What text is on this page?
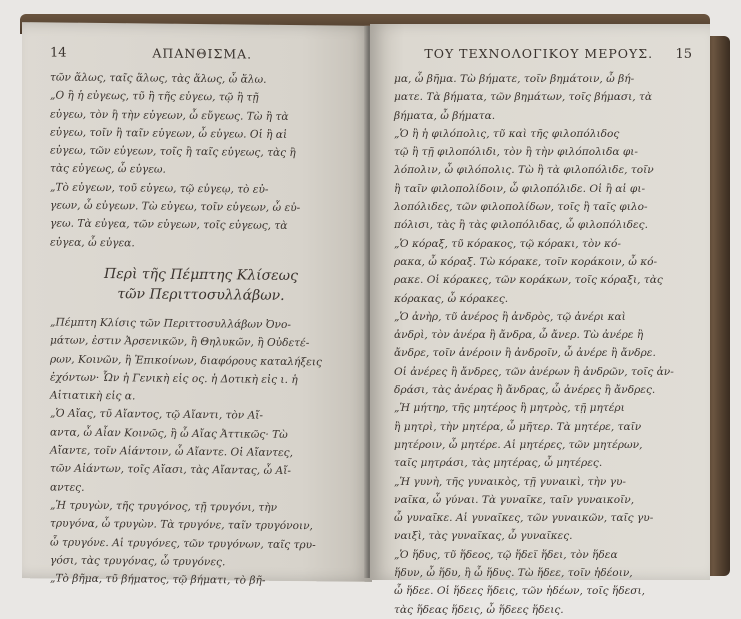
14	ΑΠΑΝΘΙΣΜΑ.

τῶν ἅλως, ταῖς ἅλως, τὰς ἅλως, ὦ ἅλω.

„Ο ἢ ἡ εὐγεως, τῦ ἢ τῆς εὐγεω, τῷ ἢ τῇ

εὐγεω, τὸν ἢ τὴν εὐγεων, ὦ εὔγεως. Τὼ ἢ τὰ

εὐγεω, τοῖν ἢ ταῖν εὐγεων, ὦ εὐγεω. Οἱ ἢ αἱ

εὐγεω, τῶν εὐγεων, τοῖς ἢ ταῖς εὐγεως, τὰς ἢ

τὰς εὐγεως, ὦ εὐγεω.

„Τὸ εὐγεων, τοῦ εὐγεω, τῷ εὐγεῳ, τὸ εὐ-

γεων, ὦ εὐγεων. Τὼ εὐγεω, τοῖν εὐγεων, ὦ εὐ-

γεω. Τὰ εὐγεα, τῶν εὐγεων, τοῖς εὐγεως, τὰ

εὐγεα, ὦ εὐγεα.

Περὶ τῆς Πέμπτης Κλίσεως
τῶν Περιττοσυλλάβων.

„Πέμπτη Κλίσις τῶν Περιττοσυλλάβων Ὀνο-

μάτων, ἐστιν Ἀρσενικῶν, ἢ Θηλυκῶν, ἢ Οὐδετέ-

ρων, Κοινῶν, ἢ Ἐπικοίνων, διαφόρους καταλήξεις

ἐχόντων· Ὧν ἡ Γενικὴ εἰς ος. ἡ Δοτικὴ εἰς ι. ἡ

Αἰτιατικὴ εἰς α.

„Ὁ Αἴας, τῦ Αἴαντος, τῷ Αἴαντι, τὸν Αἴ-

αντα, ὦ Αἶαν Κοινῶς, ἢ ὦ Αἴας Ἀττικῶς· Τὼ

Αἴαντε, τοῖν Αἰάντοιν, ὦ Αἴαντε. Οἱ Αἴαντες,

τῶν Αἰάντων, τοῖς Αἴασι, τὰς Αἴαντας, ὦ Αἴ-

αντες.

„Ἡ τρυγὼν, τῆς τρυγόνος, τῇ τρυγόνι, τὴν

τρυγόνα, ὦ τρυγὼν. Τὰ τρυγόνε, ταῖν τρυγόνοιν,

ὦ τρυγόνε. Αἱ τρυγόνες, τῶν τρυγόνων, ταῖς τρυ-

γόσι, τὰς τρυγόνας, ὦ τρυγόνες.

„Τὸ βῆμα, τῦ βήματος, τῷ βήματι, τὸ βῆ-

ΤΟΥ ΤΕΧΝΟΛΟΓΙΚΟΥ ΜΕΡΟΥΣ. 15

μα, ὦ βῆμα. Τὼ βήματε, τοῖν βημάτοιν, ὦ βή-

ματε. Τὰ βήματα, τῶν βημάτων, τοῖς βήμασι, τὰ

βήματα, ὦ βήματα.

„Ὁ ἢ ἡ φιλόπολις, τῦ καὶ τῆς φιλοπόλιδος

τῷ ἢ τῇ φιλοπόλιδι, τὸν ἢ τὴν φιλόπολιδα φι-

λόπολιν, ὦ φιλόπολις. Τὼ ἢ τὰ φιλοπόλιδε, τοῖν

ἢ ταῖν φιλοπολίδοιν, ὦ φιλοπόλιδε. Οἱ ἢ αἱ φι-

λοπόλιδες, τῶν φιλοπολίδων, τοῖς ἢ ταῖς φιλο-

πόλισι, τὰς ἢ τὰς φιλοπόλιδας, ὦ φιλοπόλιδες.

„Ὁ κόραξ, τῦ κόρακος, τῷ κόρακι, τὸν κό-

ρακα, ὦ κόραξ. Τὼ κόρακε, τοῖν κοράκοιν, ὦ κό-

ρακε. Οἱ κόρακες, τῶν κοράκων, τοῖς κόραξι, τὰς

κόρακας, ὦ κόρακες.

„Ὁ ἀνὴρ, τῦ ἀνέρος ἢ ἀνδρὸς, τῷ ἀνέρι καὶ

ἀνδρὶ, τὸν ἀνέρα ἢ ἄνδρα, ὦ ἄνερ. Τὼ ἀνέρε ἢ

ἄνδρε, τοῖν ἀνέροιν ἢ ἀνδροῖν, ὦ ἀνέρε ἢ ἄνδρε.

Οἱ ἀνέρες ἢ ἄνδρες, τῶν ἀνέρων ἢ ἀνδρῶν, τοῖς ἀν-

δράσι, τὰς ἀνέρας ἢ ἄνδρας, ὦ ἀνέρες ἢ ἄνδρες.

„Ἡ μήτηρ, τῆς μητέρος ἢ μητρὸς, τῇ μητέρι

ἢ μητρὶ, τὴν μητέρα, ὦ μῆτερ. Τὰ μητέρε, ταῖν

μητέροιν, ὦ μητέρε. Αἱ μητέρες, τῶν μητέρων,

ταῖς μητράσι, τὰς μητέρας, ὦ μητέρες.

„Ἡ γυνὴ, τῆς γυναικὸς, τῇ γυναικὶ, τὴν γυ-

ναῖκα, ὦ γύναι. Τὰ γυναῖκε, ταῖν γυναικοῖν,

ὦ γυναῖκε. Αἱ γυναῖκες, τῶν γυναικῶν, ταῖς γυ-

ναιξὶ, τὰς γυναῖκας, ὦ γυναῖκες.

„Ὁ ἥδυς, τῦ ἥδεος, τῷ ἥδεϊ ἥδει, τὸν ἥδεα

ἥδυν, ὦ ἥδυ, ἢ ὦ ἥδυς. Τὼ ἥδεε, τοῖν ἡδέοιν,

ὦ ἥδεε. Οἱ ἥδεες ἥδεις, τῶν ἡδέων, τοῖς ἥδεσι,

τὰς ἥδεας ἥδεις, ὦ ἥδεες ἥδεις.
